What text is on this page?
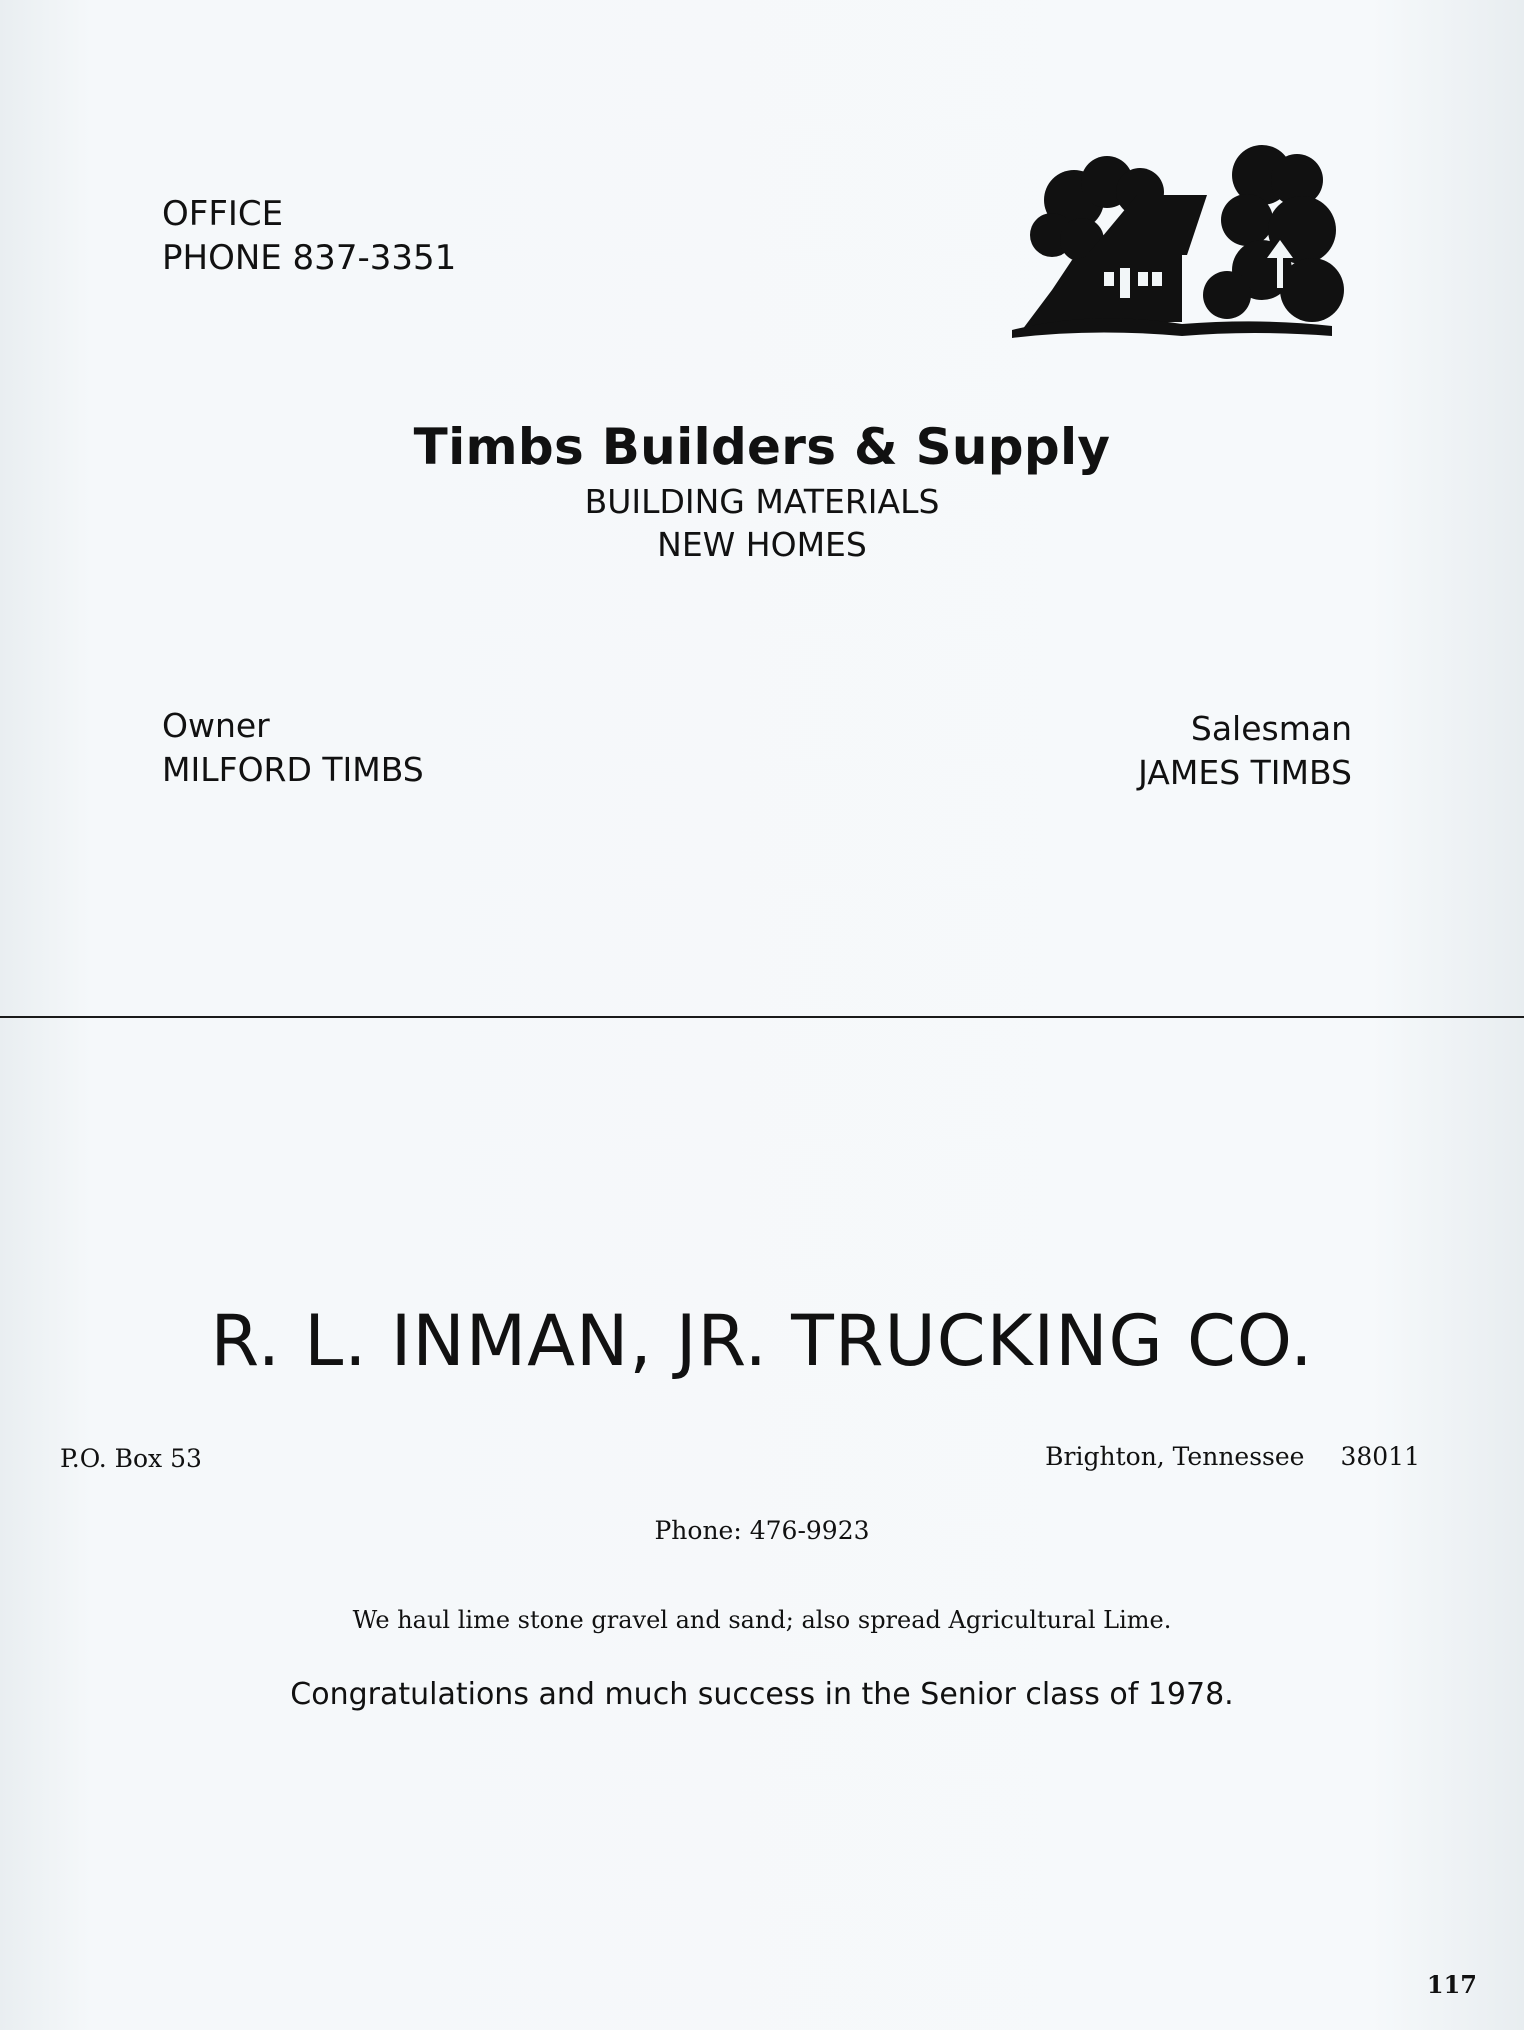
OFFICE
PHONE 837-3351
Timbs Builders & Supply
BUILDING MATERIALS
NEW HOMES
Owner
MILFORD TIMBS
Salesman
JAMES TIMBS
R. L. INMAN, JR. TRUCKING CO.
P.O. Box 53	Brighton, Tennessee 38011
Phone: 476-9923
We haul lime stone gravel and sand; also spread Agricultural Lime.
Congratulations and much success in the Senior class of 1978.
117
